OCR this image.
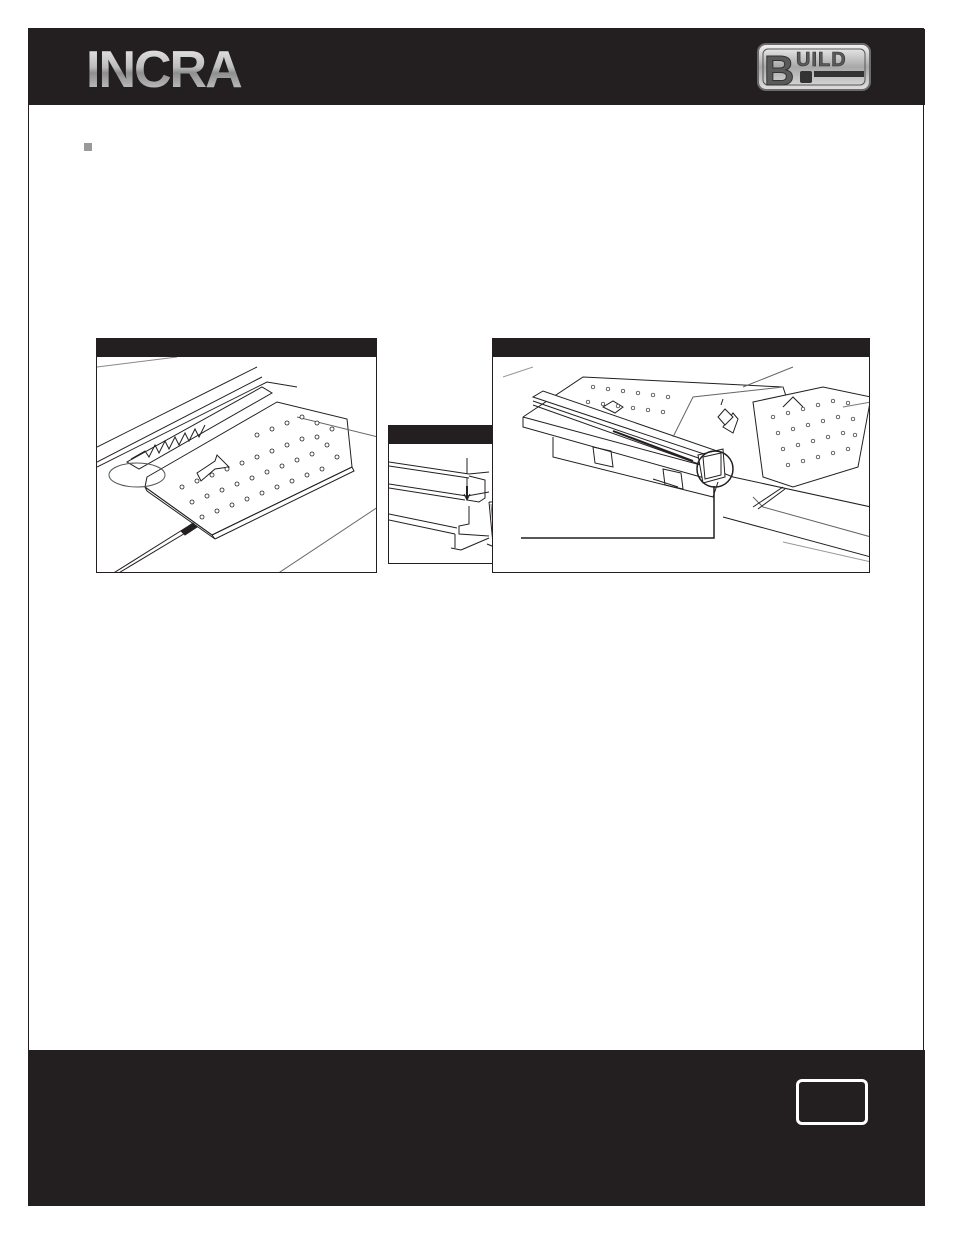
INCRA	B UILD
